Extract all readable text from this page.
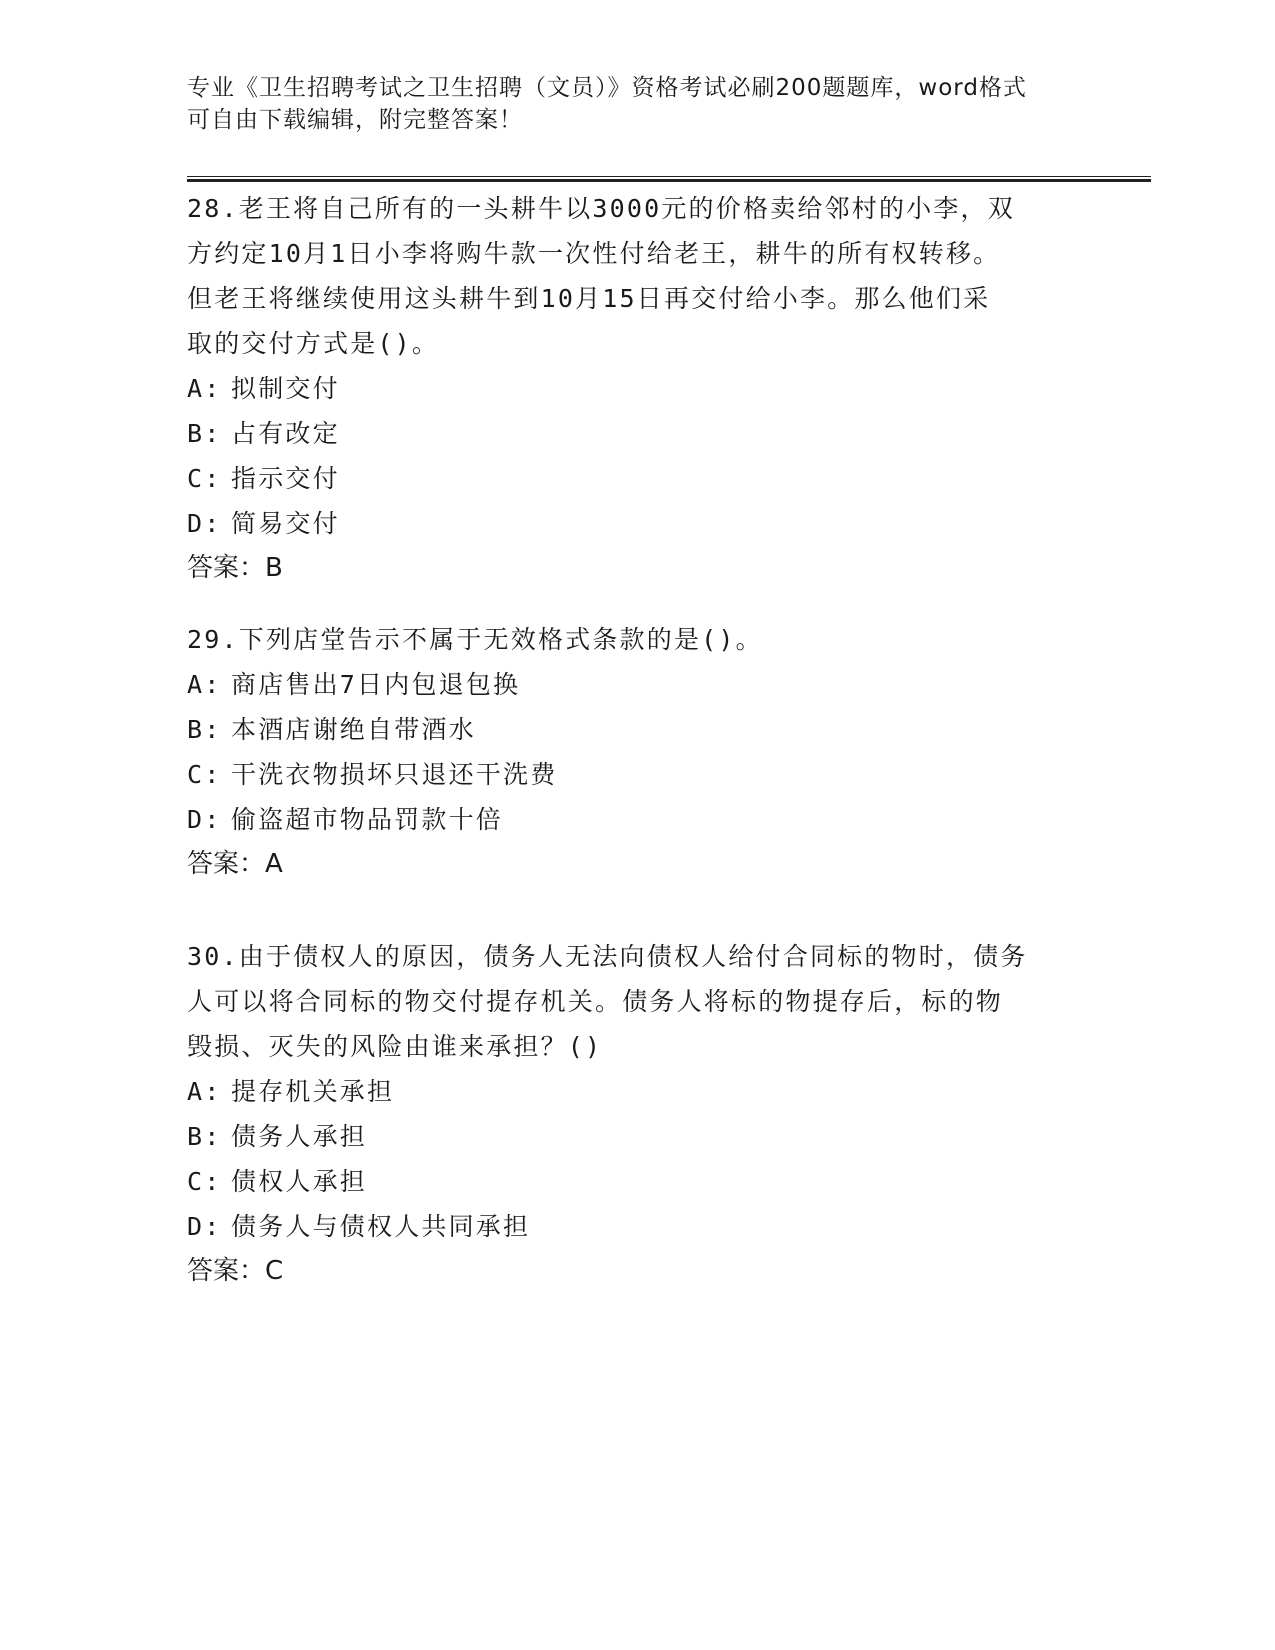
专业《卫生招聘考试之卫生招聘（文员）》资格考试必刷200题题库，word格式
可自由下载编辑，附完整答案！
28.老王将自己所有的一头耕牛以3000元的价格卖给邻村的小李，双
方约定10月1日小李将购牛款一次性付给老王，耕牛的所有权转移。
但老王将继续使用这头耕牛到10月15日再交付给小李。那么他们采
取的交付方式是()。
A: 拟制交付
B: 占有改定
C: 指示交付
D: 简易交付
答案：B
29.下列店堂告示不属于无效格式条款的是()。
A: 商店售出7日内包退包换
B: 本酒店谢绝自带酒水
C: 干洗衣物损坏只退还干洗费
D: 偷盗超市物品罚款十倍
答案：A
30.由于债权人的原因，债务人无法向债权人给付合同标的物时，债务
人可以将合同标的物交付提存机关。债务人将标的物提存后，标的物
毁损、灭失的风险由谁来承担？()
A: 提存机关承担
B: 债务人承担
C: 债权人承担
D: 债务人与债权人共同承担
答案：C
